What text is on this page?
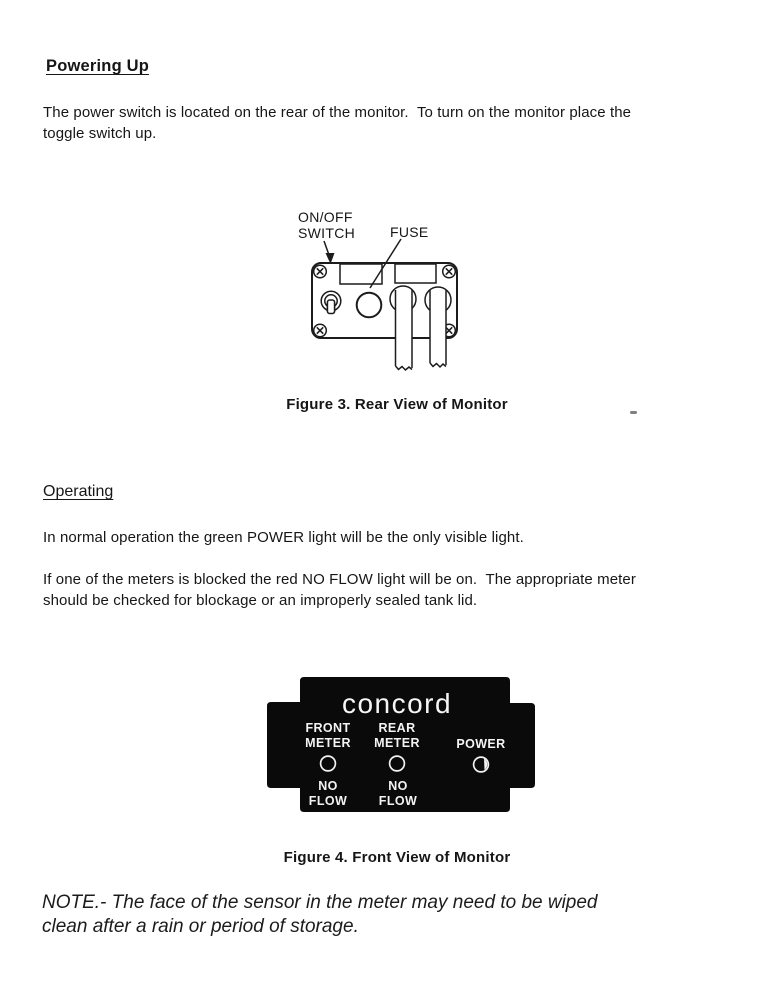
Powering Up
The power switch is located on the rear of the monitor.  To turn on the monitor place the
toggle switch up.
ON/OFF
SWITCH FUSE
Figure 3. Rear View of Monitor
Operating
In normal operation the green POWER light will be the only visible light.
If one of the meters is blocked the red NO FLOW light will be on.  The appropriate meter
should be checked for blockage or an improperly sealed tank lid.
concord
FRONT
METER
REAR
METER	POWER
NO
FLOW
NO
FLOW
Figure 4. Front View of Monitor
NOTE.- The face of the sensor in the meter may need to be wiped
clean after a rain or period of storage.
